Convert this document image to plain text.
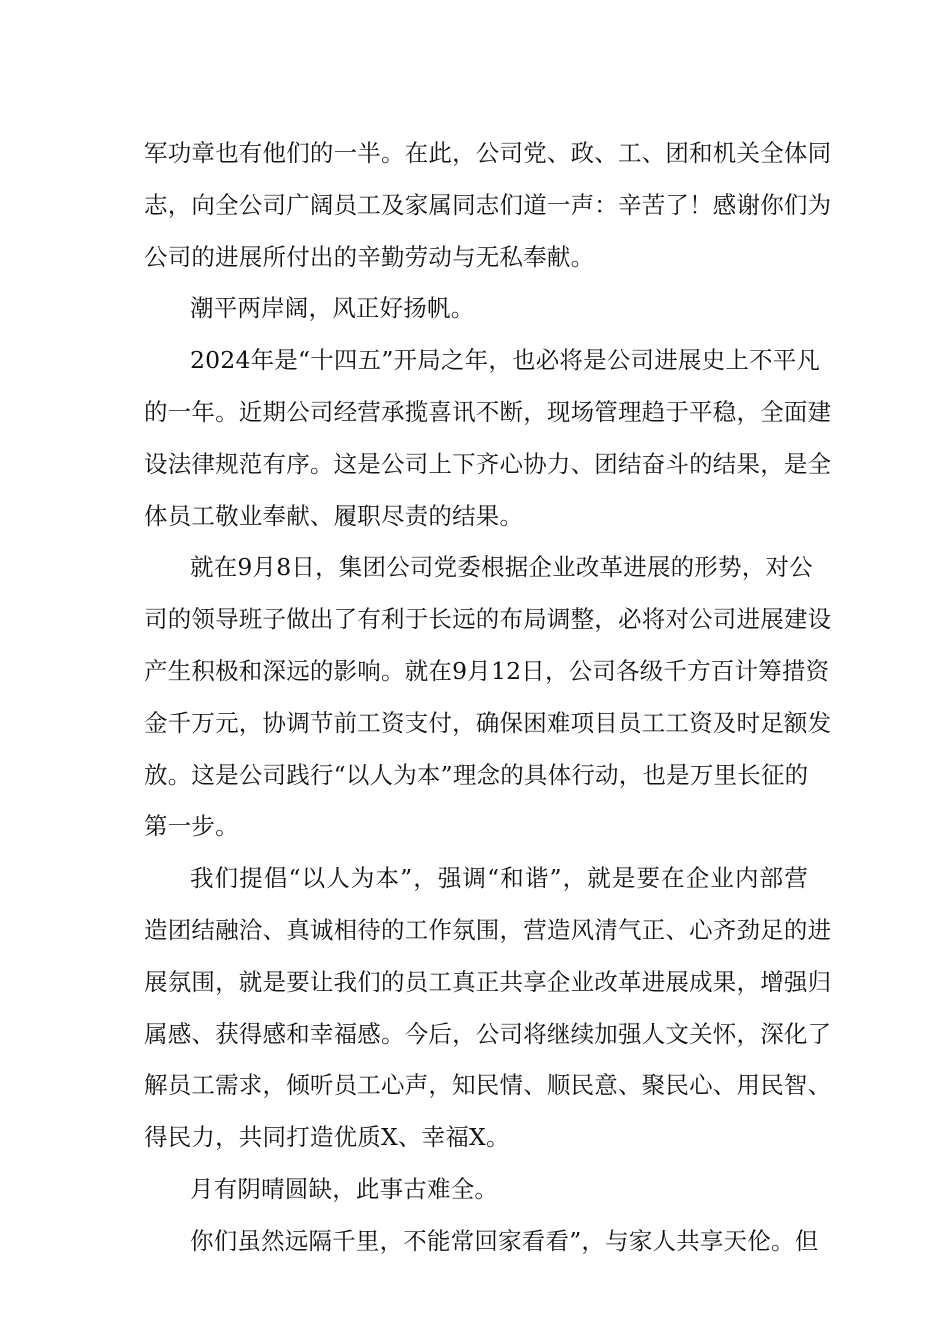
军功章也有他们的一半。在此，公司党、政、工、团和机关全体同
志，向全公司广阔员工及家属同志们道一声：辛苦了！感谢你们为
公司的进展所付出的辛勤劳动与无私奉献。
潮平两岸阔，风正好扬帆。
2024年是“十四五”开局之年，也必将是公司进展史上不平凡
的一年。近期公司经营承揽喜讯不断，现场管理趋于平稳，全面建
设法律规范有序。这是公司上下齐心协力、团结奋斗的结果，是全
体员工敬业奉献、履职尽责的结果。
就在9月8日，集团公司党委根据企业改革进展的形势，对公
司的领导班子做出了有利于长远的布局调整，必将对公司进展建设
产生积极和深远的影响。就在9月12日，公司各级千方百计筹措资
金千万元，协调节前工资支付，确保困难项目员工工资及时足额发
放。这是公司践行“以人为本”理念的具体行动，也是万里长征的
第一步。
我们提倡“以人为本”，强调“和谐”，就是要在企业内部营
造团结融洽、真诚相待的工作氛围，营造风清气正、心齐劲足的进
展氛围，就是要让我们的员工真正共享企业改革进展成果，增强归
属感、获得感和幸福感。今后，公司将继续加强人文关怀，深化了
解员工需求，倾听员工心声，知民情、顺民意、聚民心、用民智、
得民力，共同打造优质X、幸福X。
月有阴晴圆缺，此事古难全。
你们虽然远隔千里，不能常回家看看”，与家人共享天伦。但
